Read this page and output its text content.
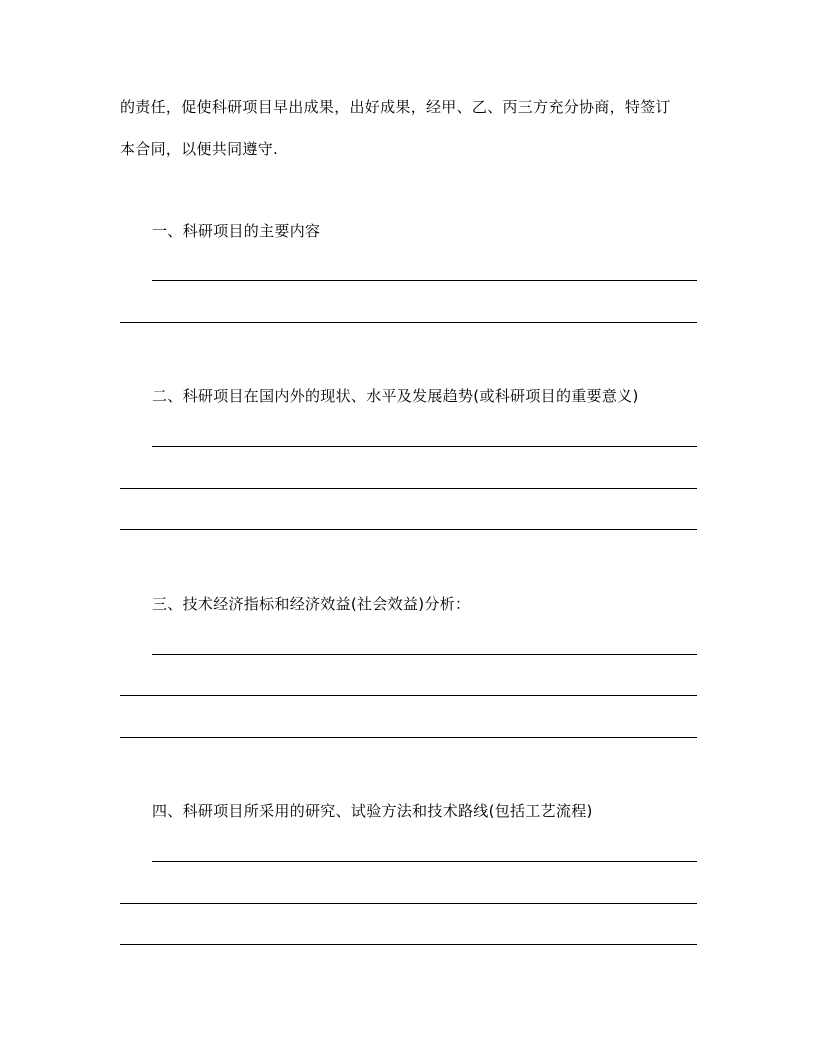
的责任，促使科研项目早出成果，出好成果，经甲、乙、丙三方充分协商，特签订
本合同，以便共同遵守.
一、科研项目的主要内容
二、科研项目在国内外的现状、水平及发展趋势(或科研项目的重要意义)
三、技术经济指标和经济效益(社会效益)分析：
四、科研项目所采用的研究、试验方法和技术路线(包括工艺流程)
